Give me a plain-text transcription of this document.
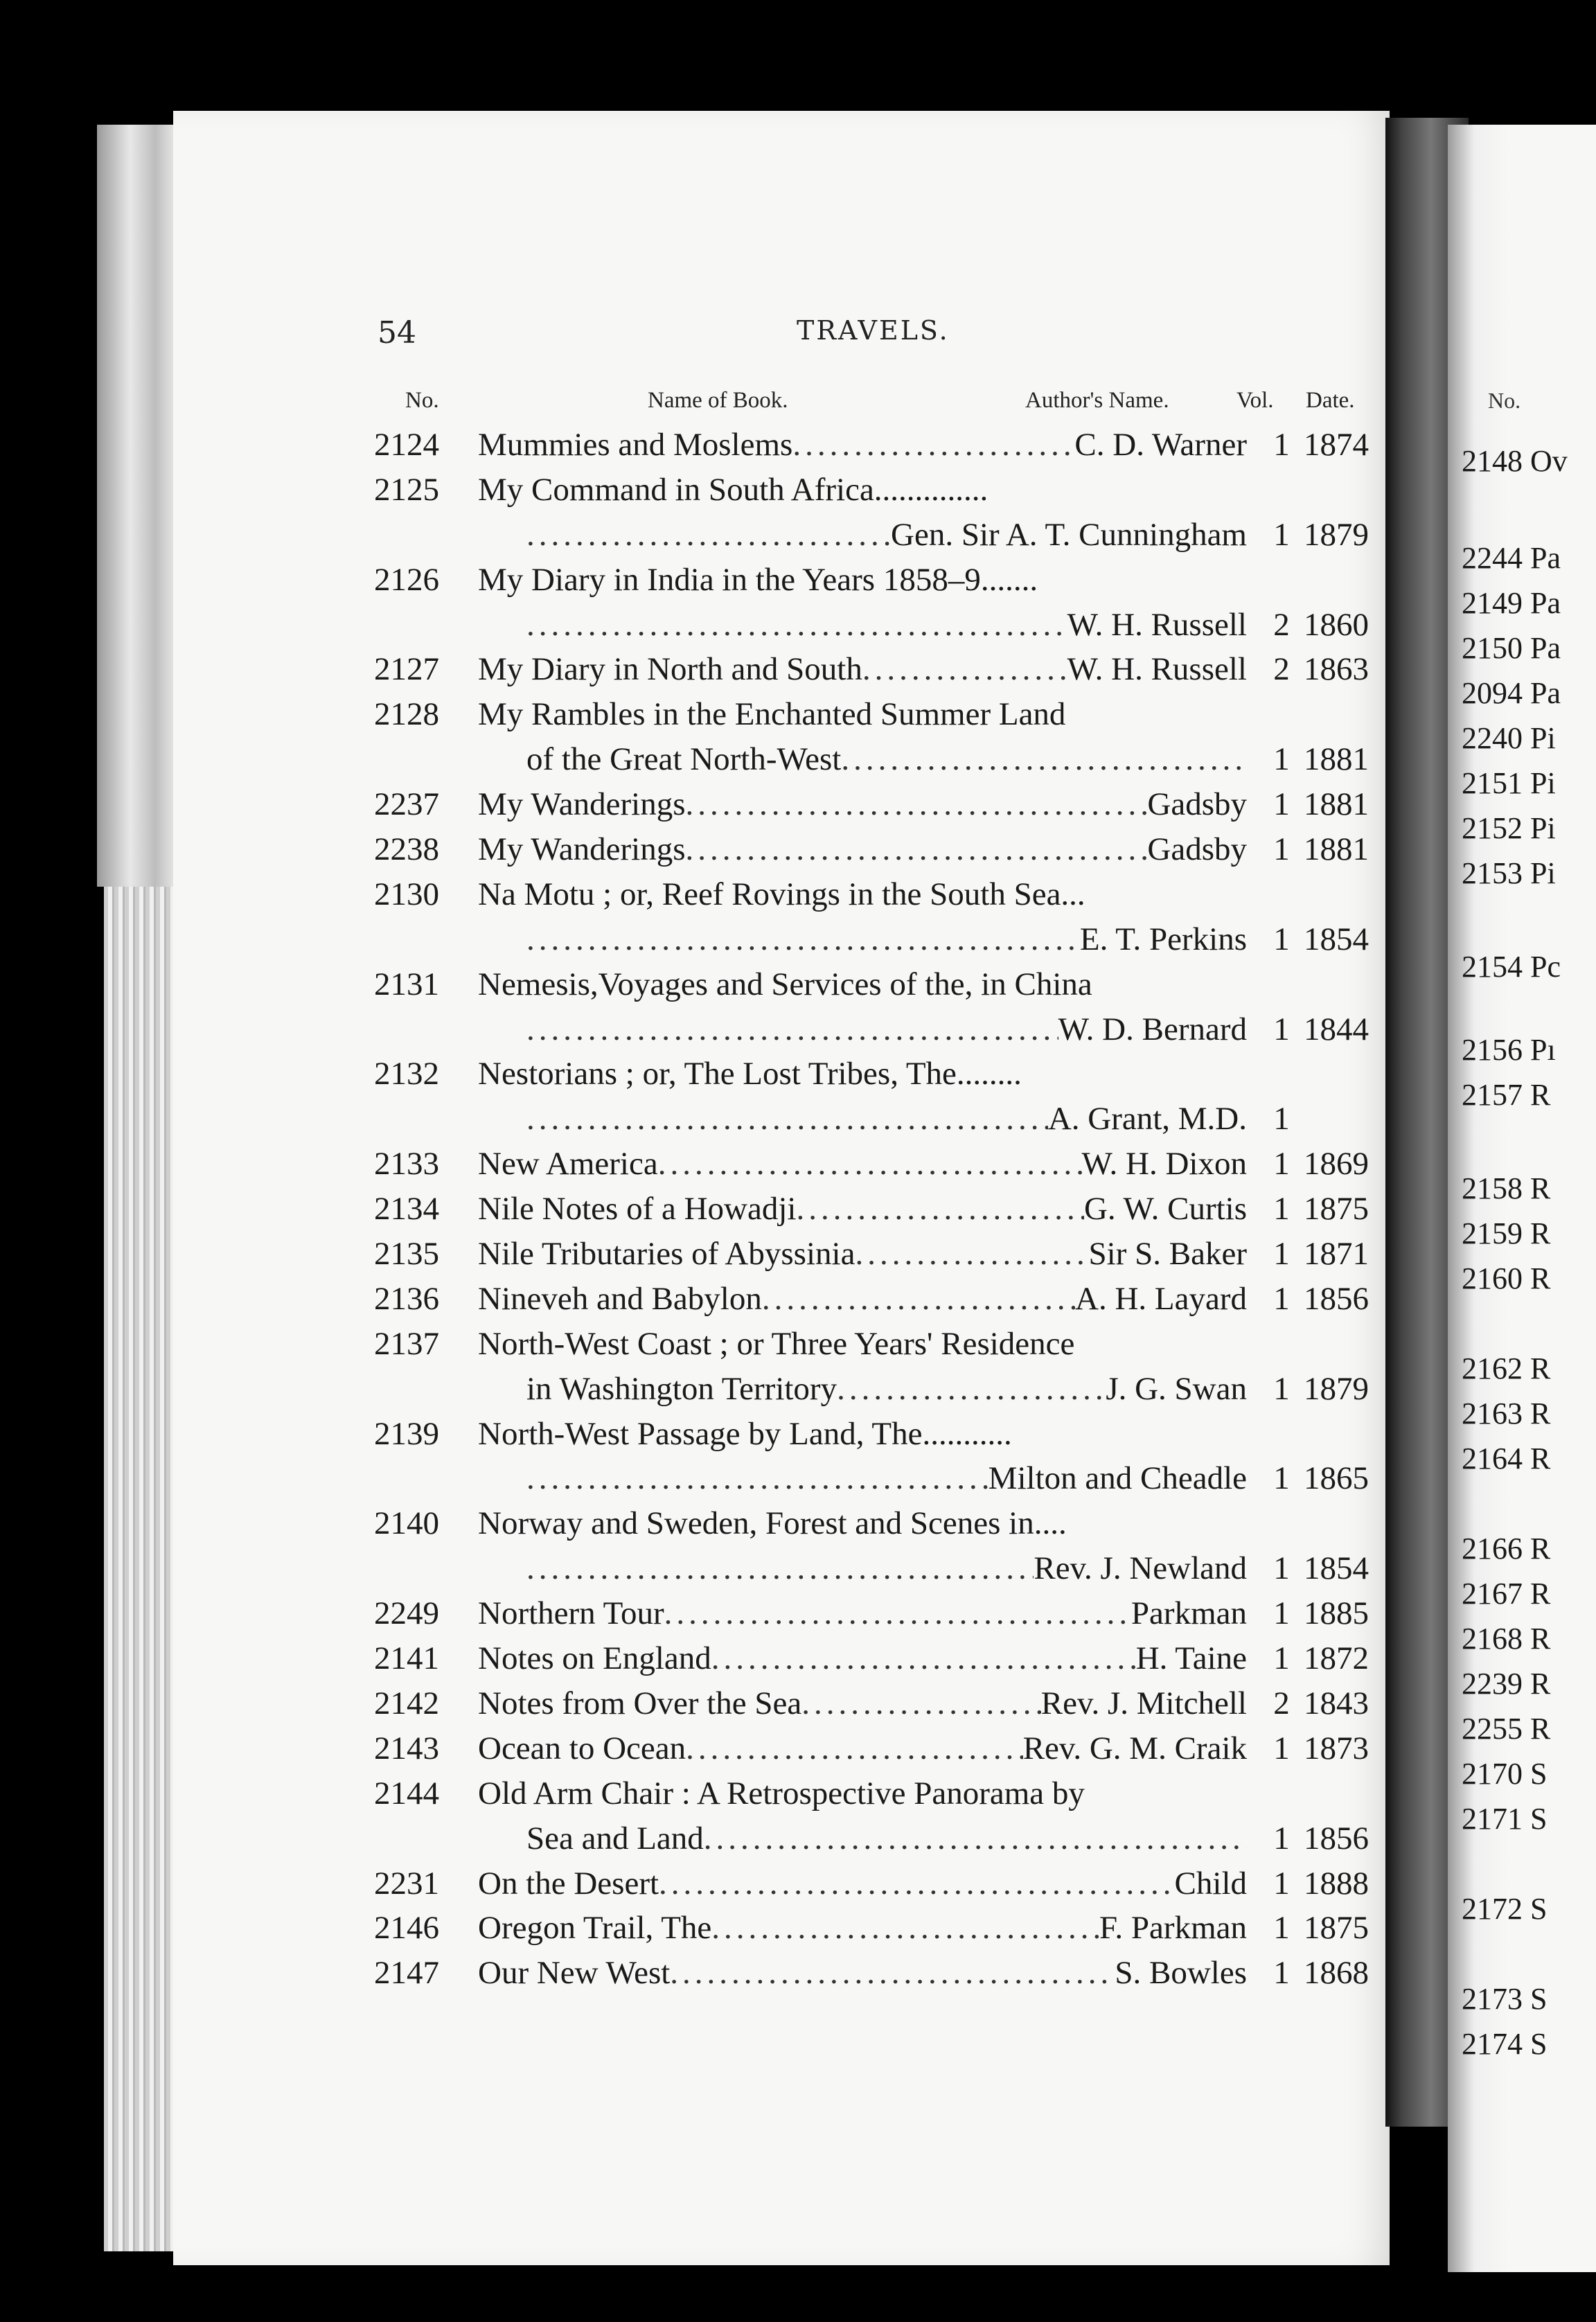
54	TRAVELS.
No.	Name of Book.	Author's Name.	Vol. Date.
2124	Mummies and Moslems .....	C. D. Warner 1 1874
2125	My Command in South Africa..............
.....
Gen. Sir A. T. Cunningham 1 1879
2126	My Diary in India in the Years 1858–9.......
.....
W. H. Russell 2 1860
2127	My Diary in North and South .....	W. H. Russell 2 1863
2128	My Rambles in the Enchanted Summer Land
of the Great North-West .....	1 1881
2237	My Wanderings .....	Gadsby 1 1881
2238	My Wanderings .....	Gadsby 1 1881
2130	Na Motu ; or, Reef Rovings in the South Sea...
.....
E. T. Perkins 1 1854
2131	Nemesis,Voyages and Services of the, in China
.....
W. D. Bernard 1 1844
2132	Nestorians ; or, The Lost Tribes, The........
.....
A. Grant, M.D. 1
2133	New America .....	W. H. Dixon 1 1869
2134	Nile Notes of a Howadji .....	G. W. Curtis 1 1875
2135	Nile Tributaries of Abyssinia .....	Sir S. Baker 1 1871
2136	Nineveh and Babylon .....	A. H. Layard 1 1856
2137	North-West Coast ; or Three Years' Residence
in Washington Territory .....	J. G. Swan 1 1879
2139	North-West Passage by Land, The...........
.....
Milton and Cheadle 1 1865
2140	Norway and Sweden, Forest and Scenes in....
.....
Rev. J. Newland 1 1854
2249	Northern Tour .....	Parkman 1 1885
2141	Notes on England .....	H. Taine 1 1872
2142	Notes from Over the Sea .....	Rev. J. Mitchell 2 1843
2143	Ocean to Ocean .....	Rev. G. M. Craik 1 1873
2144	Old Arm Chair : A Retrospective Panorama by
Sea and Land .....	1 1856
2231	On the Desert .....	Child 1 1888
2146	Oregon Trail, The .....	F. Parkman 1 1875
2147	Our New West .....	S. Bowles 1 1868
No.
2148 Ov
2244 Pa
2149 Pa
2150 Pa
2094 Pa
2240 Pi
2151 Pi
2152 Pi
2153 Pi
2154 Pc
2156 Pı
2157 R
2158 R
2159 R
2160 R
2162 R
2163 R
2164 R
2166 R
2167 R
2168 R
2239 R
2255 R
2170 S
2171 S
2172 S
2173 S
2174 S
